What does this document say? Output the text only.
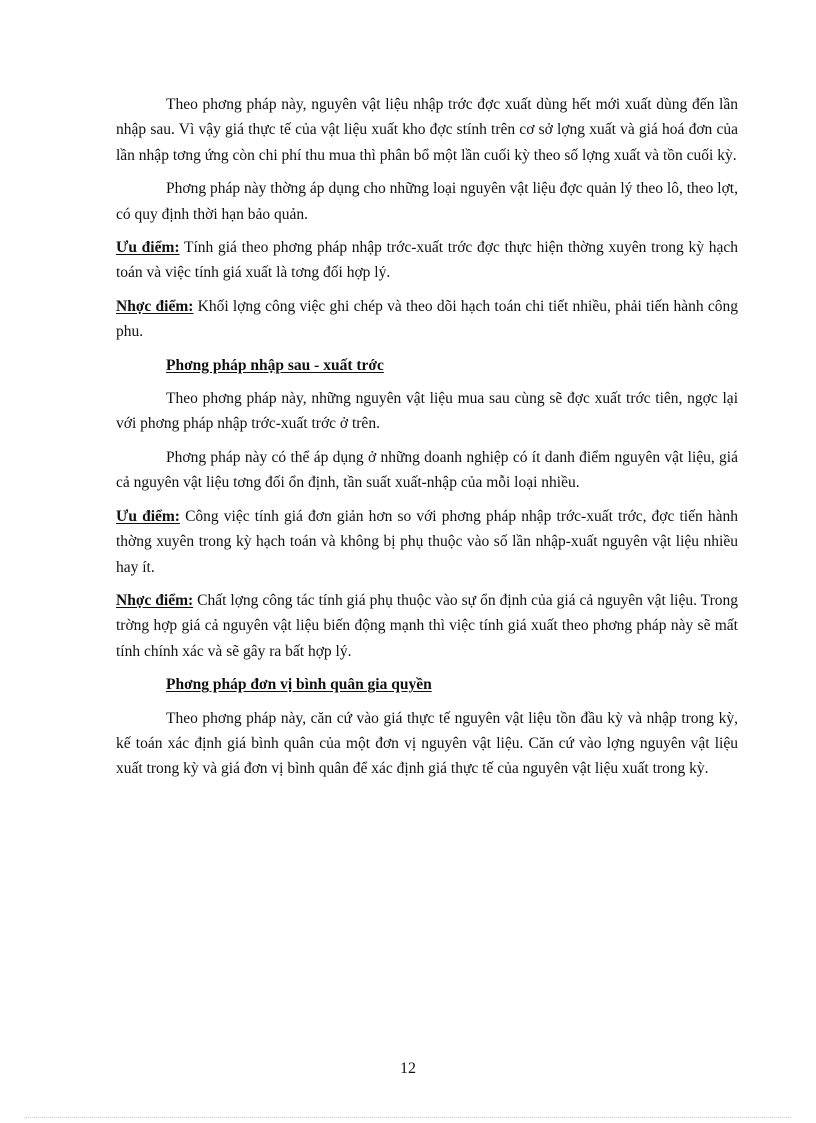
Theo phơng pháp này, nguyên vật liệu nhập trớc đợc xuất dùng hết mới xuất dùng đến lần nhập sau. Vì vậy giá thực tế của vật liệu xuất kho đợc stính trên cơ sở lợng xuất và giá hoá đơn của lần nhập tơng ứng còn chi phí thu mua thì phân bổ một lần cuối kỳ theo số lợng xuất và tồn cuối kỳ.

Phơng pháp này thờng áp dụng cho những loại nguyên vật liệu đợc quản lý theo lô, theo lợt, có quy định thời hạn bảo quản.

Ưu điểm: Tính giá theo phơng pháp nhập trớc-xuất trớc đợc thực hiện thờng xuyên trong kỳ hạch toán và việc tính giá xuất là tơng đối hợp lý.

Nhợc điểm: Khối lợng công việc ghi chép và theo dõi hạch toán chi tiết nhiều, phải tiến hành công phu.

Phơng pháp nhập sau - xuất trớc

Theo phơng pháp này, những nguyên vật liệu mua sau cùng sẽ đợc xuất trớc tiên, ngợc lại với phơng pháp nhập trớc-xuất trớc ở trên.

Phơng pháp này có thể áp dụng ở những doanh nghiệp có ít danh điểm nguyên vật liệu, giá cả nguyên vật liệu tơng đối ổn định, tần suất xuất-nhập của mỗi loại nhiều.

Ưu điểm: Công việc tính giá đơn giản hơn so với phơng pháp nhập trớc-xuất trớc, đợc tiến hành thờng xuyên trong kỳ hạch toán và không bị phụ thuộc vào số lần nhập-xuất nguyên vật liệu nhiều hay ít.

Nhợc điểm: Chất lợng công tác tính giá phụ thuộc vào sự ổn định của giá cả nguyên vật liệu. Trong trờng hợp giá cả nguyên vật liệu biến động mạnh thì việc tính giá xuất theo phơng pháp này sẽ mất tính chính xác và sẽ gây ra bất hợp lý.

Phơng pháp đơn vị bình quân gia quyền

Theo phơng pháp này, căn cứ vào giá thực tế nguyên vật liệu tồn đầu kỳ và nhập trong kỳ, kế toán xác định giá bình quân của một đơn vị nguyên vật liệu. Căn cứ vào lợng nguyên vật liệu xuất trong kỳ và giá đơn vị bình quân để xác định giá thực tế của nguyên vật liệu xuất trong kỳ.

12
